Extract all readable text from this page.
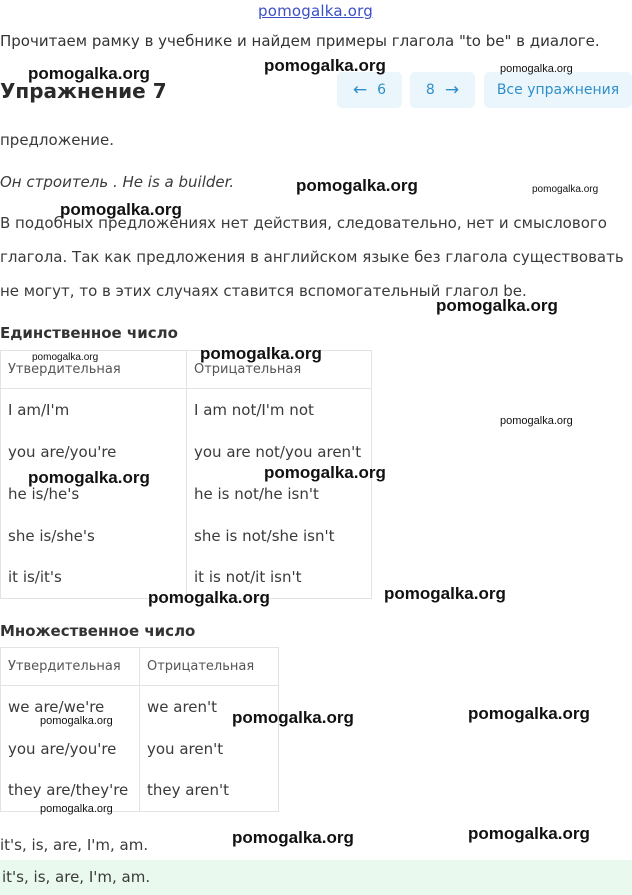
pomogalka.org
Прочитаем рамку в учебнике и найдем примеры глагола "to be" в диалоге.
Упражнение 7	← 6	8 →	Все упражнения
предложение.
Он строитель . He is a builder.
В подобных предложениях нет действия, следовательно, нет и смыслового
глагола. Так как предложения в английском языке без глагола существовать
не могут, то в этих случаях ставится вспомогательный глагол be.
Единственное число
Утвердительная	Отрицательная
I am/I'm	I am not/I'm not
you are/you're	you are not/you aren't
he is/he's	he is not/he isn't
she is/she's	she is not/she isn't
it is/it's	it is not/it isn't
Множественное число
Утвердительная	Отрицательная
we are/we're	we aren't
you are/you're	you aren't
they are/they're	they aren't
it's, is, are, I'm, am.
it's, is, are, I'm, am.
pomogalka.org	pomogalka.org	pomogalka.org
pomogalka.org	pomogalka.org
pomogalka.org
pomogalka.org
pomogalka.org	pomogalka.org
pomogalka.org
pomogalka.org	pomogalka.org
pomogalka.org	pomogalka.org
pomogalka.org	pomogalka.org	pomogalka.org
pomogalka.org
pomogalka.org	pomogalka.org
